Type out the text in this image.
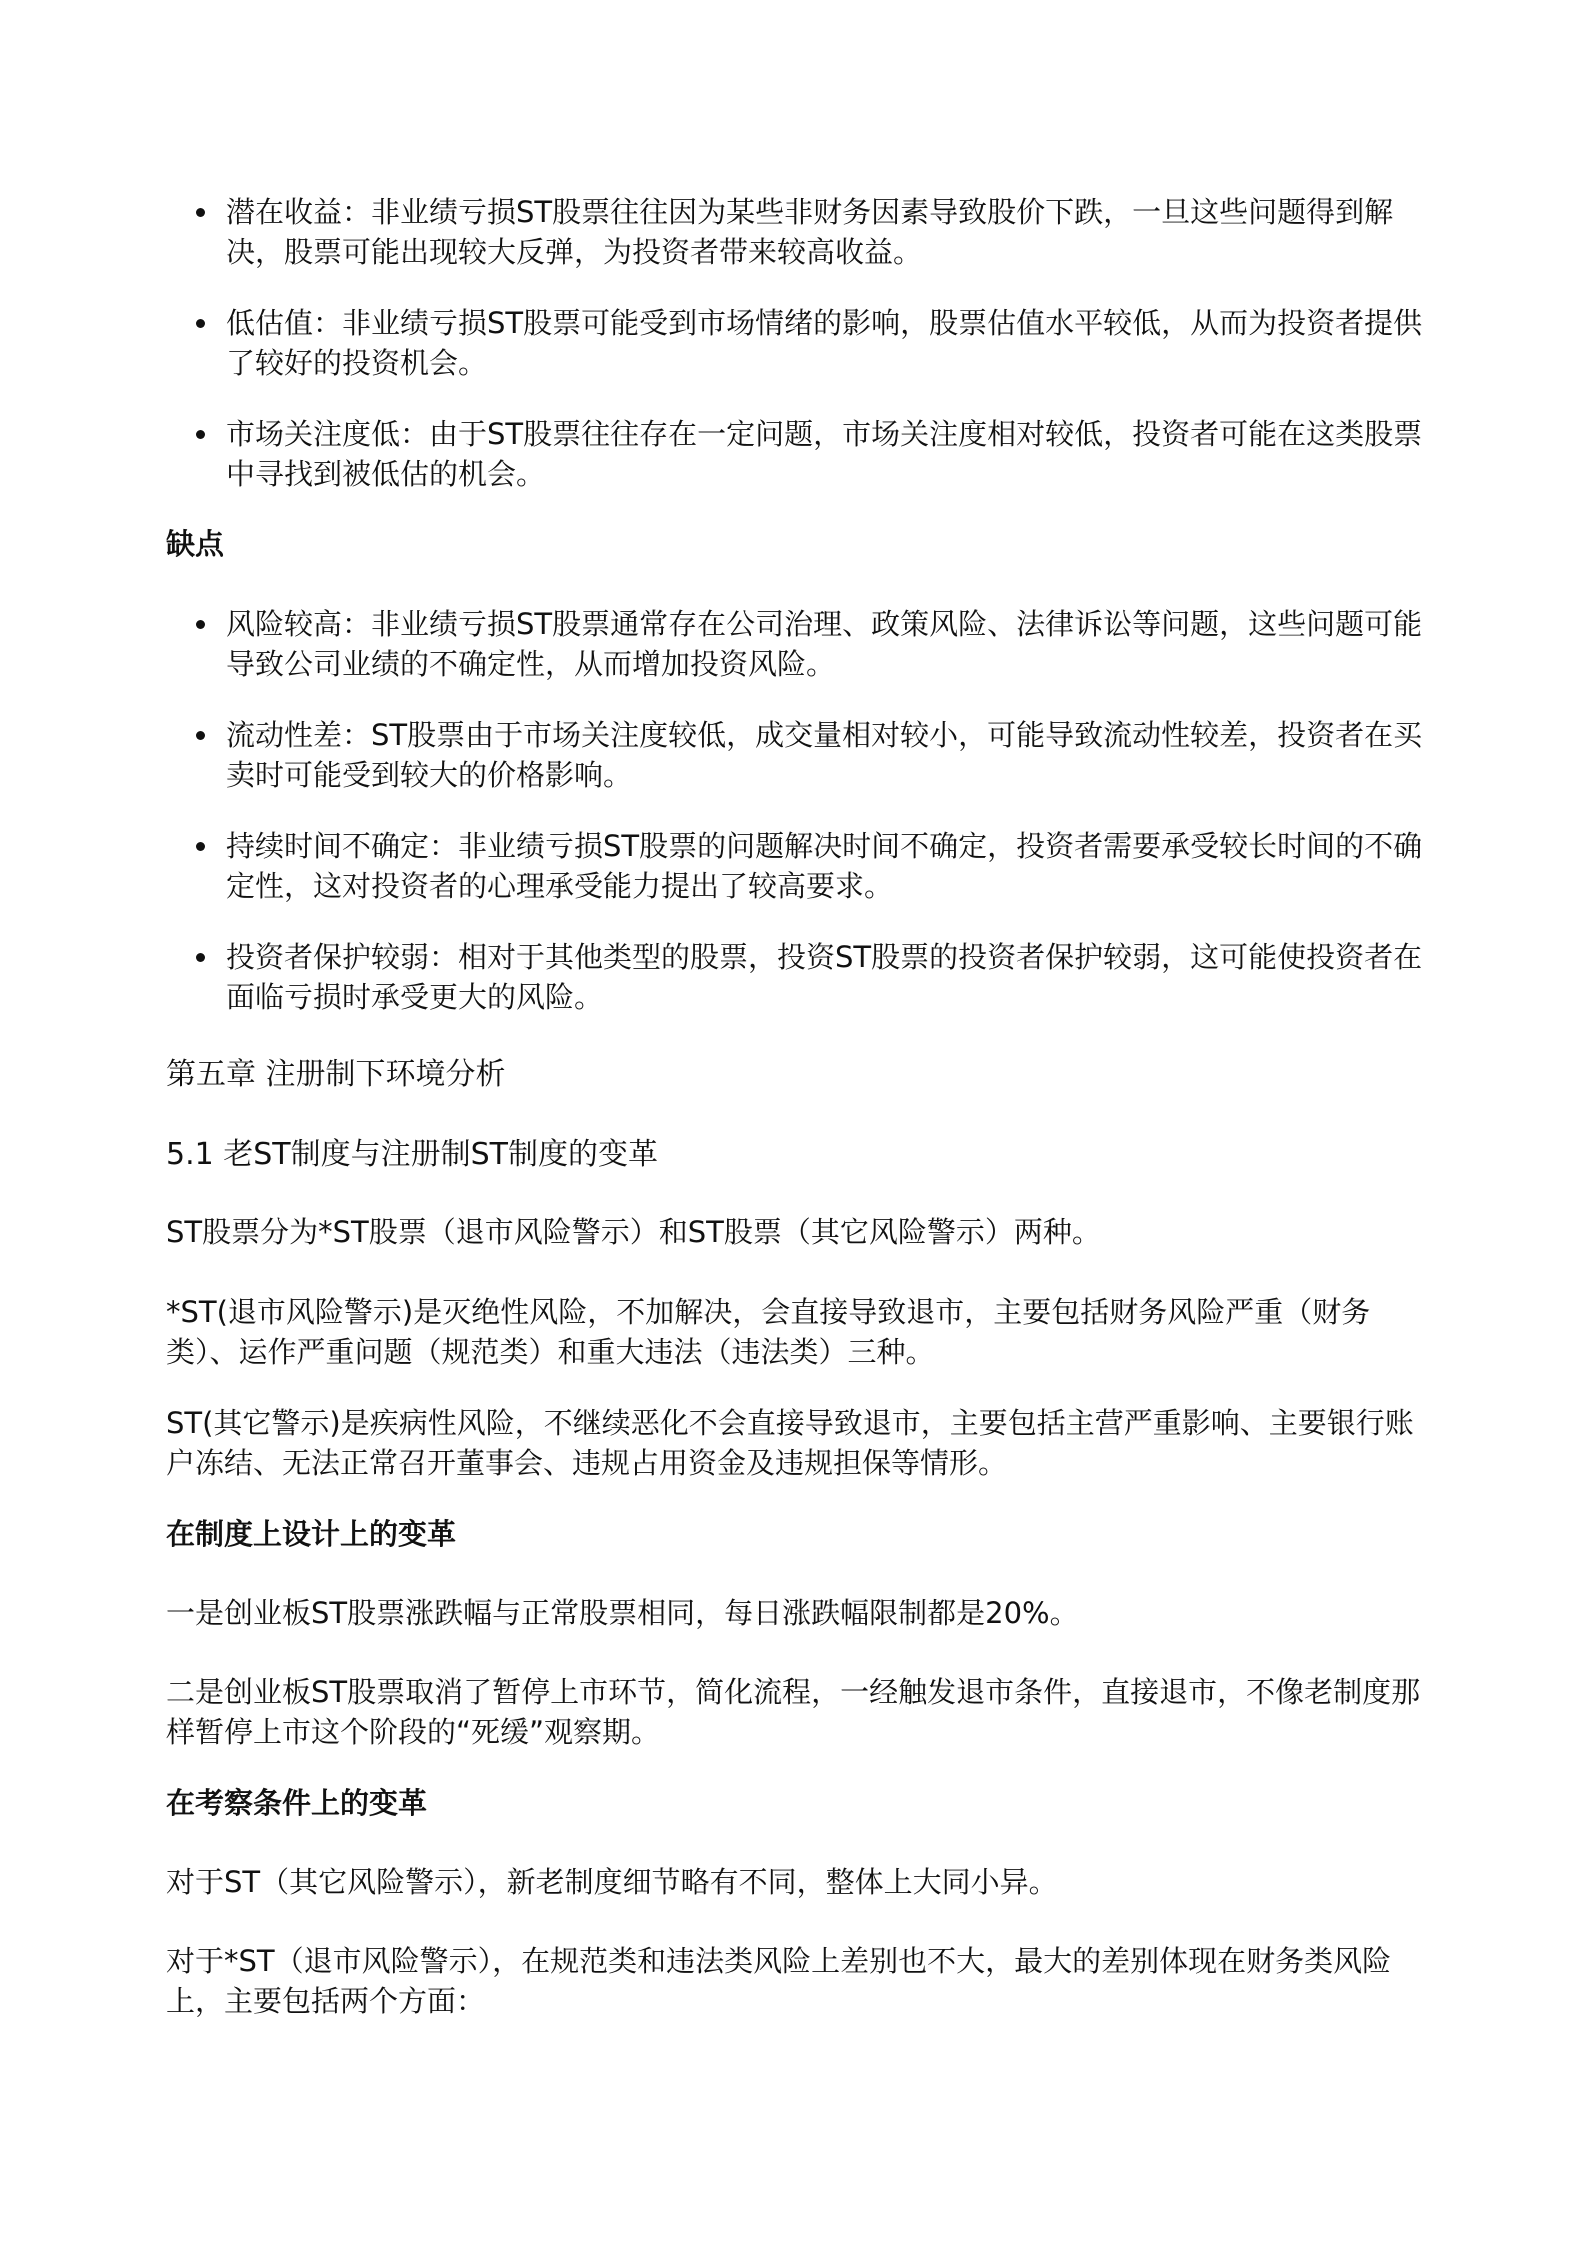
潜在收益：非业绩亏损ST股票往往因为某些非财务因素导致股价下跌，一旦这些问题得到解决，股票可能出现较大反弹，为投资者带来较高收益。
低估值：非业绩亏损ST股票可能受到市场情绪的影响，股票估值水平较低，从而为投资者提供了较好的投资机会。
市场关注度低：由于ST股票往往存在一定问题，市场关注度相对较低，投资者可能在这类股票中寻找到被低估的机会。
缺点
风险较高：非业绩亏损ST股票通常存在公司治理、政策风险、法律诉讼等问题，这些问题可能导致公司业绩的不确定性，从而增加投资风险。
流动性差：ST股票由于市场关注度较低，成交量相对较小，可能导致流动性较差，投资者在买卖时可能受到较大的价格影响。
持续时间不确定：非业绩亏损ST股票的问题解决时间不确定，投资者需要承受较长时间的不确定性，这对投资者的心理承受能力提出了较高要求。
投资者保护较弱：相对于其他类型的股票，投资ST股票的投资者保护较弱，这可能使投资者在面临亏损时承受更大的风险。
第五章 注册制下环境分析
5.1 老ST制度与注册制ST制度的变革
ST股票分为*ST股票（退市风险警示）和ST股票（其它风险警示）两种。
*ST(退市风险警示)是灭绝性风险，不加解决，会直接导致退市，主要包括财务风险严重（财务类）、运作严重问题（规范类）和重大违法（违法类）三种。
ST(其它警示)是疾病性风险，不继续恶化不会直接导致退市，主要包括主营严重影响、主要银行账户冻结、无法正常召开董事会、违规占用资金及违规担保等情形。
在制度上设计上的变革
一是创业板ST股票涨跌幅与正常股票相同，每日涨跌幅限制都是20%。
二是创业板ST股票取消了暂停上市环节，简化流程，一经触发退市条件，直接退市，不像老制度那样暂停上市这个阶段的“死缓”观察期。
在考察条件上的变革
对于ST（其它风险警示），新老制度细节略有不同，整体上大同小异。
对于*ST（退市风险警示），在规范类和违法类风险上差别也不大，最大的差别体现在财务类风险上，主要包括两个方面：
